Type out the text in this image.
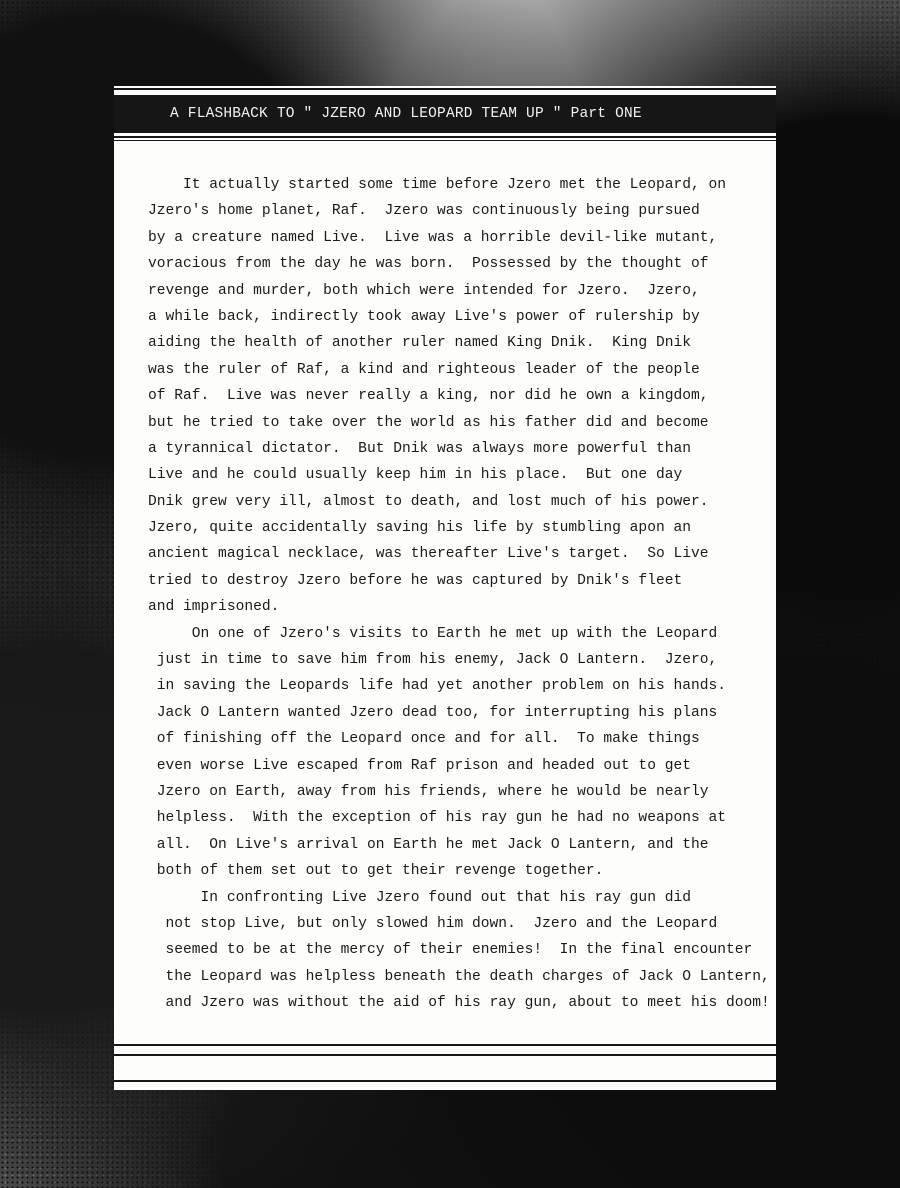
A FLASHBACK TO " JZERO AND LEOPARD TEAM UP " Part ONE
It actually started some time before Jzero met the Leopard, on
Jzero's home planet, Raf.  Jzero was continuously being pursued
by a creature named Live.  Live was a horrible devil-like mutant,
voracious from the day he was born.  Possessed by the thought of
revenge and murder, both which were intended for Jzero.  Jzero,
a while back, indirectly took away Live's power of rulership by
aiding the health of another ruler named King Dnik.  King Dnik
was the ruler of Raf, a kind and righteous leader of the people
of Raf.  Live was never really a king, nor did he own a kingdom,
but he tried to take over the world as his father did and become
a tyrannical dictator.  But Dnik was always more powerful than
Live and he could usually keep him in his place.  But one day
Dnik grew very ill, almost to death, and lost much of his power.
Jzero, quite accidentally saving his life by stumbling apon an
ancient magical necklace, was thereafter Live's target.  So Live
tried to destroy Jzero before he was captured by Dnik's fleet
and imprisoned.
On one of Jzero's visits to Earth he met up with the Leopard
just in time to save him from his enemy, Jack O Lantern.  Jzero,
in saving the Leopards life had yet another problem on his hands.
Jack O Lantern wanted Jzero dead too, for interrupting his plans
of finishing off the Leopard once and for all.  To make things
even worse Live escaped from Raf prison and headed out to get
Jzero on Earth, away from his friends, where he would be nearly
helpless.  With the exception of his ray gun he had no weapons at
all.  On Live's arrival on Earth he met Jack O Lantern, and the
both of them set out to get their revenge together.
In confronting Live Jzero found out that his ray gun did
not stop Live, but only slowed him down.  Jzero and the Leopard
seemed to be at the mercy of their enemies!  In the final encounter
the Leopard was helpless beneath the death charges of Jack O Lantern,
and Jzero was without the aid of his ray gun, about to meet his doom!
